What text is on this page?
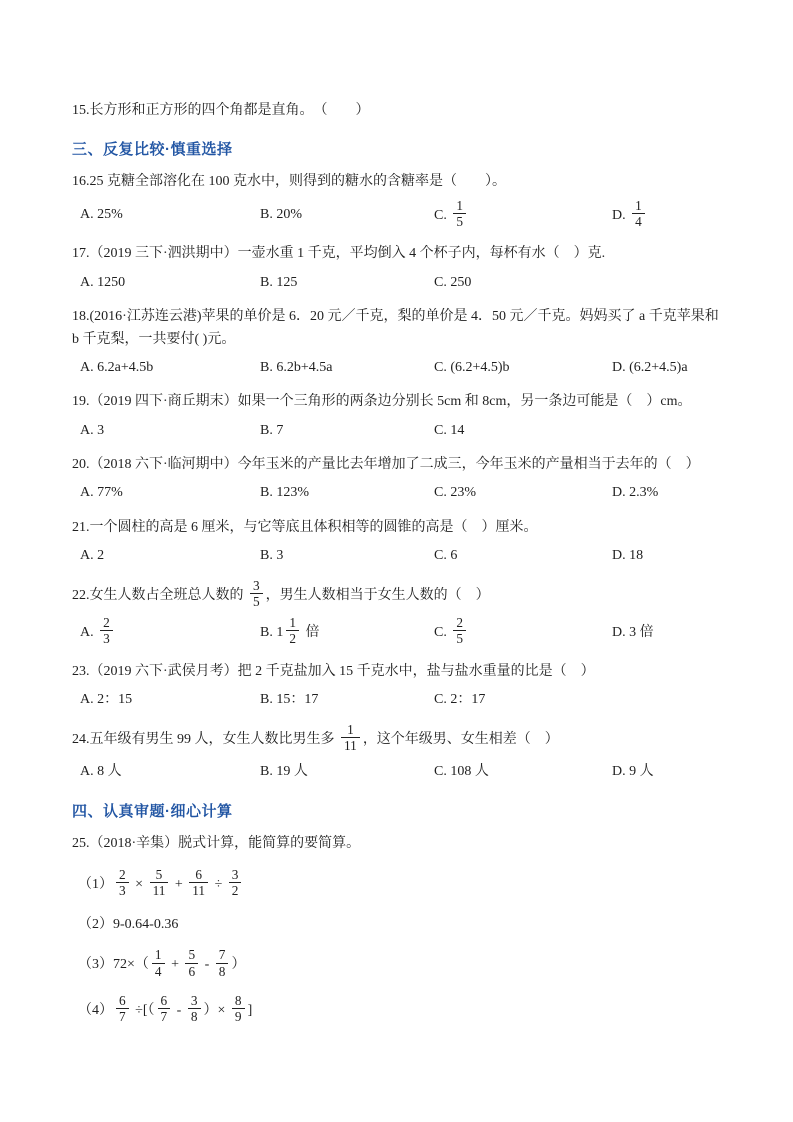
15.长方形和正方形的四个角都是直角。　（　　）
三、反复比较·慎重选择
16.25 克糖全部溶化在 100 克水中，则得到的糖水的含糖率是（　　）。
A. 25%	B. 20%	C. $\frac{1}{5}$	D. $\frac{1}{4}$
17.（2019 三下·泗洪期中）一壶水重 1 千克，平均倒入 4 个杯子内，每杯有水（　）克.
A. 1250	B. 125	C. 250
18.(2016·江苏连云港)苹果的单价是 6．20 元／千克，梨的单价是 4．50 元／千克。妈妈买了 a 千克苹果和 b 千克梨，一共要付( )元。
A. 6.2a+4.5b	B. 6.2b+4.5a	C. (6.2+4.5)b	D. (6.2+4.5)a
19.（2019 四下·商丘期末）如果一个三角形的两条边分别长 5cm 和 8cm，另一条边可能是（　）cm。
A. 3	B. 7	C. 14
20.（2018 六下·临河期中）今年玉米的产量比去年增加了二成三，今年玉米的产量相当于去年的（　）
A. 77%	B. 123%	C. 23%	D. 2.3%
21.一个圆柱的高是 6 厘米，与它等底且体积相等的圆锥的高是（　）厘米。
A. 2	B. 3	C. 6	D. 18
22.女生人数占全班总人数的 $\frac{3}{5}$ ，男生人数相当于女生人数的（　）
A. $\frac{2}{3}$	B. $1 \frac{1}{2}$ 倍	C. $\frac{2}{5}$	D. 3 倍
23.（2019 六下·武侯月考）把 2 千克盐加入 15 千克水中，盐与盐水重量的比是（　）
A. 2：15	B. 15：17	C. 2：17
24.五年级有男生 99 人，女生人数比男生多 $\frac{1}{11}$ ，这个年级男、女生相差（　）
A. 8 人	B. 19 人	C. 108 人	D. 9 人
四、认真审题·细心计算
25.（2018·辛集）脱式计算，能简算的要简算。
$(1) \frac{2}{3} \times \frac{5}{11} + \frac{6}{11} \div \frac{3}{2}$
（2）9-0.64-0.36
$(3)72\times( \frac{1}{4} + \frac{5}{6} - \frac{7}{8}$ ）
$(4) \frac{6}{7}$ ÷[（ $\frac{6}{7} - \frac{3}{8}$ ）× $\frac{8}{9}$ ]
